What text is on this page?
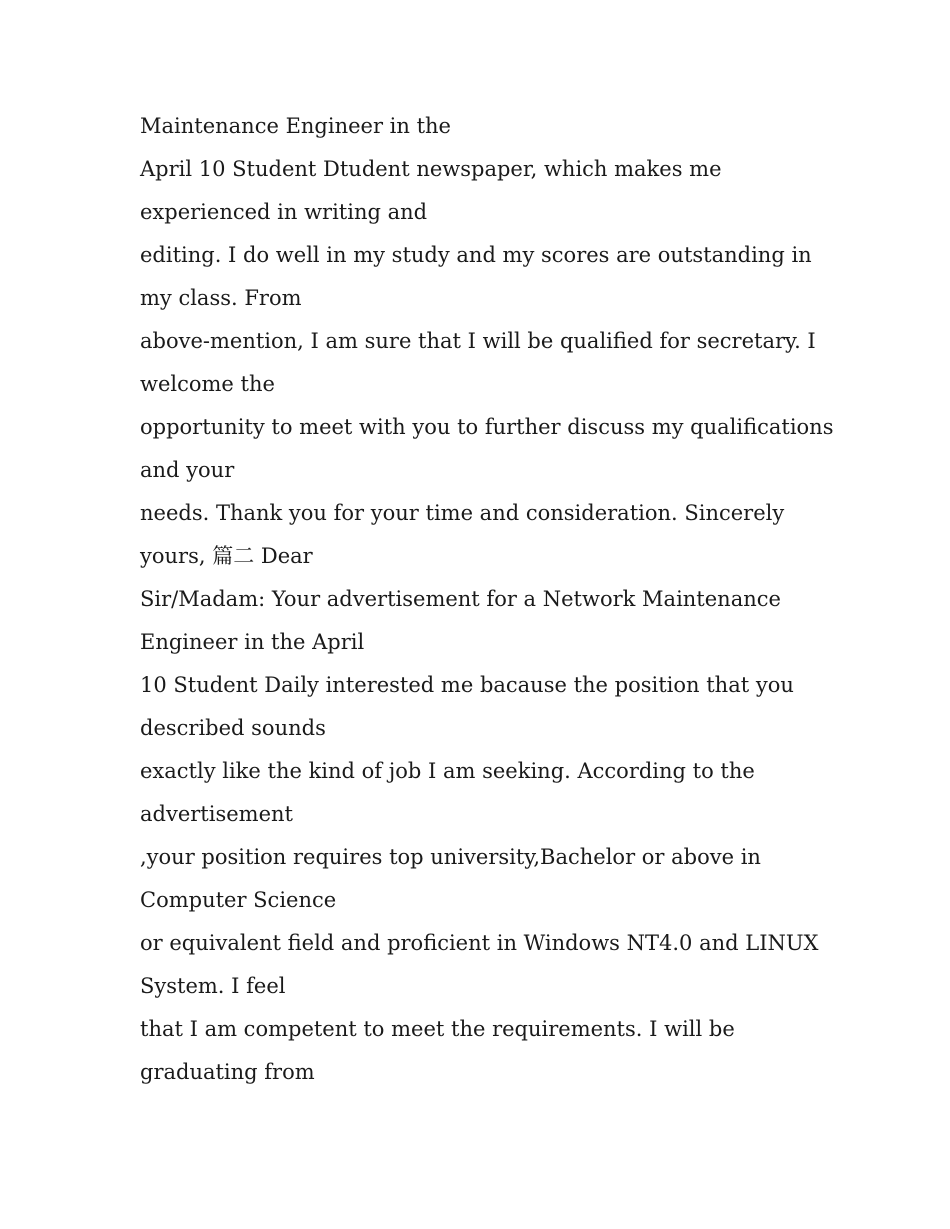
Maintenance Engineer in the
April 10 Student Dtudent newspaper, which makes me
experienced in writing and
editing. I do well in my study and my scores are outstanding in
my class. From
above-mention, I am sure that I will be qualified for secretary. I
welcome the
opportunity to meet with you to further discuss my qualifications
and your
needs. Thank you for your time and consideration. Sincerely
yours, 篇二 Dear
Sir/Madam: Your advertisement for a Network Maintenance
Engineer in the April
10 Student Daily interested me bacause the position that you
described sounds
exactly like the kind of job I am seeking. According to the
advertisement
,your position requires top university,Bachelor or above in
Computer Science
or equivalent field and proficient in Windows NT4.0 and LINUX
System. I feel
that I am competent to meet the requirements. I will be
graduating from
